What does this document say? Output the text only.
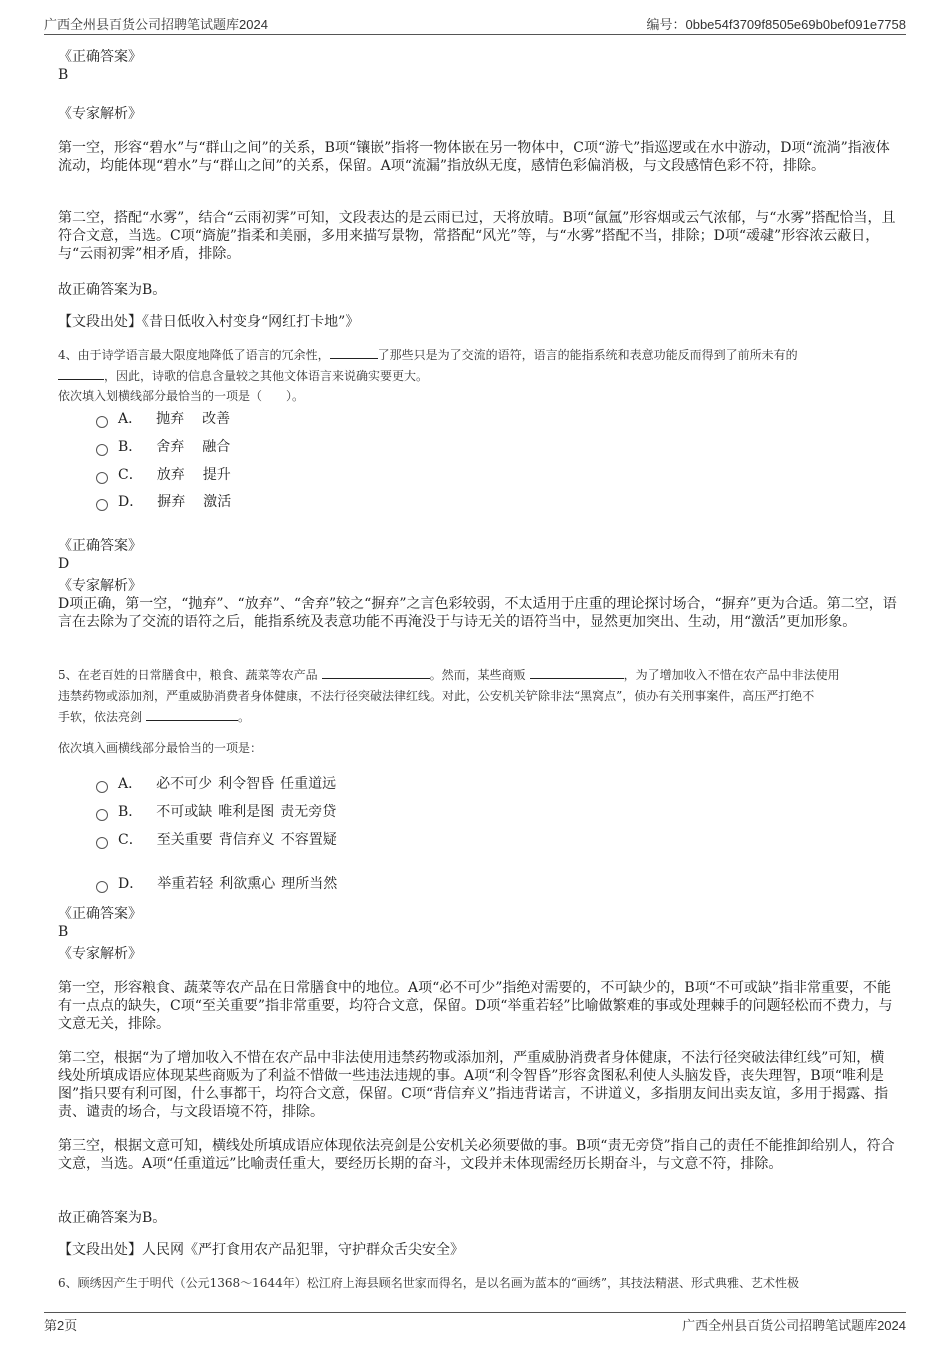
广西全州县百货公司招聘笔试题库2024	编号：0bbe54f3709f8505e69b0bef091e7758
《正确答案》
B
《专家解析》
第一空，形容“碧水”与“群山之间”的关系，B项“镶嵌”指将一物体嵌在另一物体中，C项“游弋”指巡逻或在水中游动，D项“流淌”指液体流动，均能体现“碧水”与“群山之间”的关系，保留。A项“流漏”指放纵无度，感情色彩偏消极，与文段感情色彩不符，排除。
第二空，搭配“水雾”，结合“云雨初霁”可知，文段表达的是云雨已过，天将放晴。B项“氤氲”形容烟或云气浓郁，与“水雾”搭配恰当，且符合文意，当选。C项“旖旎”指柔和美丽，多用来描写景物，常搭配“风光”等，与“水雾”搭配不当，排除；D项“叆叇”形容浓云蔽日，与“云雨初霁”相矛盾，排除。
故正确答案为B。
【文段出处】《昔日低收入村变身“网红打卡地”》
4、由于诗学语言最大限度地降低了语言的冗余性，	了那些只是为了交流的语符，语言的能指系统和表意功能反而得到了前所未有的
，因此，诗歌的信息含量较之其他文体语言来说确实要更大。
依次填入划横线部分最恰当的一项是（　　）。
A． 抛弃 改善
B． 舍弃 融合
C． 放弃 提升
D． 摒弃 激活
《正确答案》
D
《专家解析》
D项正确，第一空，“抛弃”、“放弃”、“舍弃”较之“摒弃”之言色彩较弱，不太适用于庄重的理论探讨场合，“摒弃”更为合适。第二空，语言在去除为了交流的语符之后，能指系统及表意功能不再淹没于与诗无关的语符当中，显然更加突出、生动，用“激活”更加形象。
5、在老百姓的日常膳食中，粮食、蔬菜等农产品	。然而，某些商贩	，为了增加收入不惜在农产品中非法使用
违禁药物或添加剂，严重威胁消费者身体健康，不法行径突破法律红线。对此，公安机关铲除非法“黑窝点”，侦办有关刑事案件，高压严打绝不
手软，依法亮剑	。
依次填入画横线部分最恰当的一项是：
A． 必不可少 利令智昏 任重道远
B． 不可或缺 唯利是图 责无旁贷
C． 至关重要 背信弃义 不容置疑
D． 举重若轻 利欲熏心 理所当然
《正确答案》
B
《专家解析》
第一空，形容粮食、蔬菜等农产品在日常膳食中的地位。A项“必不可少”指绝对需要的，不可缺少的，B项“不可或缺”指非常重要，不能有一点点的缺失，C项“至关重要”指非常重要，均符合文意，保留。D项“举重若轻”比喻做繁难的事或处理棘手的问题轻松而不费力，与文意无关，排除。
第二空，根据“为了增加收入不惜在农产品中非法使用违禁药物或添加剂，严重威胁消费者身体健康，不法行径突破法律红线”可知，横线处所填成语应体现某些商贩为了利益不惜做一些违法违规的事。A项“利令智昏”形容贪图私利使人头脑发昏，丧失理智，B项“唯利是图”指只要有利可图，什么事都干，均符合文意，保留。C项“背信弃义”指违背诺言，不讲道义，多指朋友间出卖友谊，多用于揭露、指责、谴责的场合，与文段语境不符，排除。
第三空，根据文意可知，横线处所填成语应体现依法亮剑是公安机关必须要做的事。B项“责无旁贷”指自己的责任不能推卸给别人，符合文意，当选。A项“任重道远”比喻责任重大，要经历长期的奋斗，文段并未体现需经历长期奋斗，与文意不符，排除。
故正确答案为B。
【文段出处】人民网《严打食用农产品犯罪，守护群众舌尖安全》
6、顾绣因产生于明代（公元1368～1644年）松江府上海县顾名世家而得名，是以名画为蓝本的“画绣”，其技法精湛、形式典雅、艺术性极
第2页	广西全州县百货公司招聘笔试题库2024
